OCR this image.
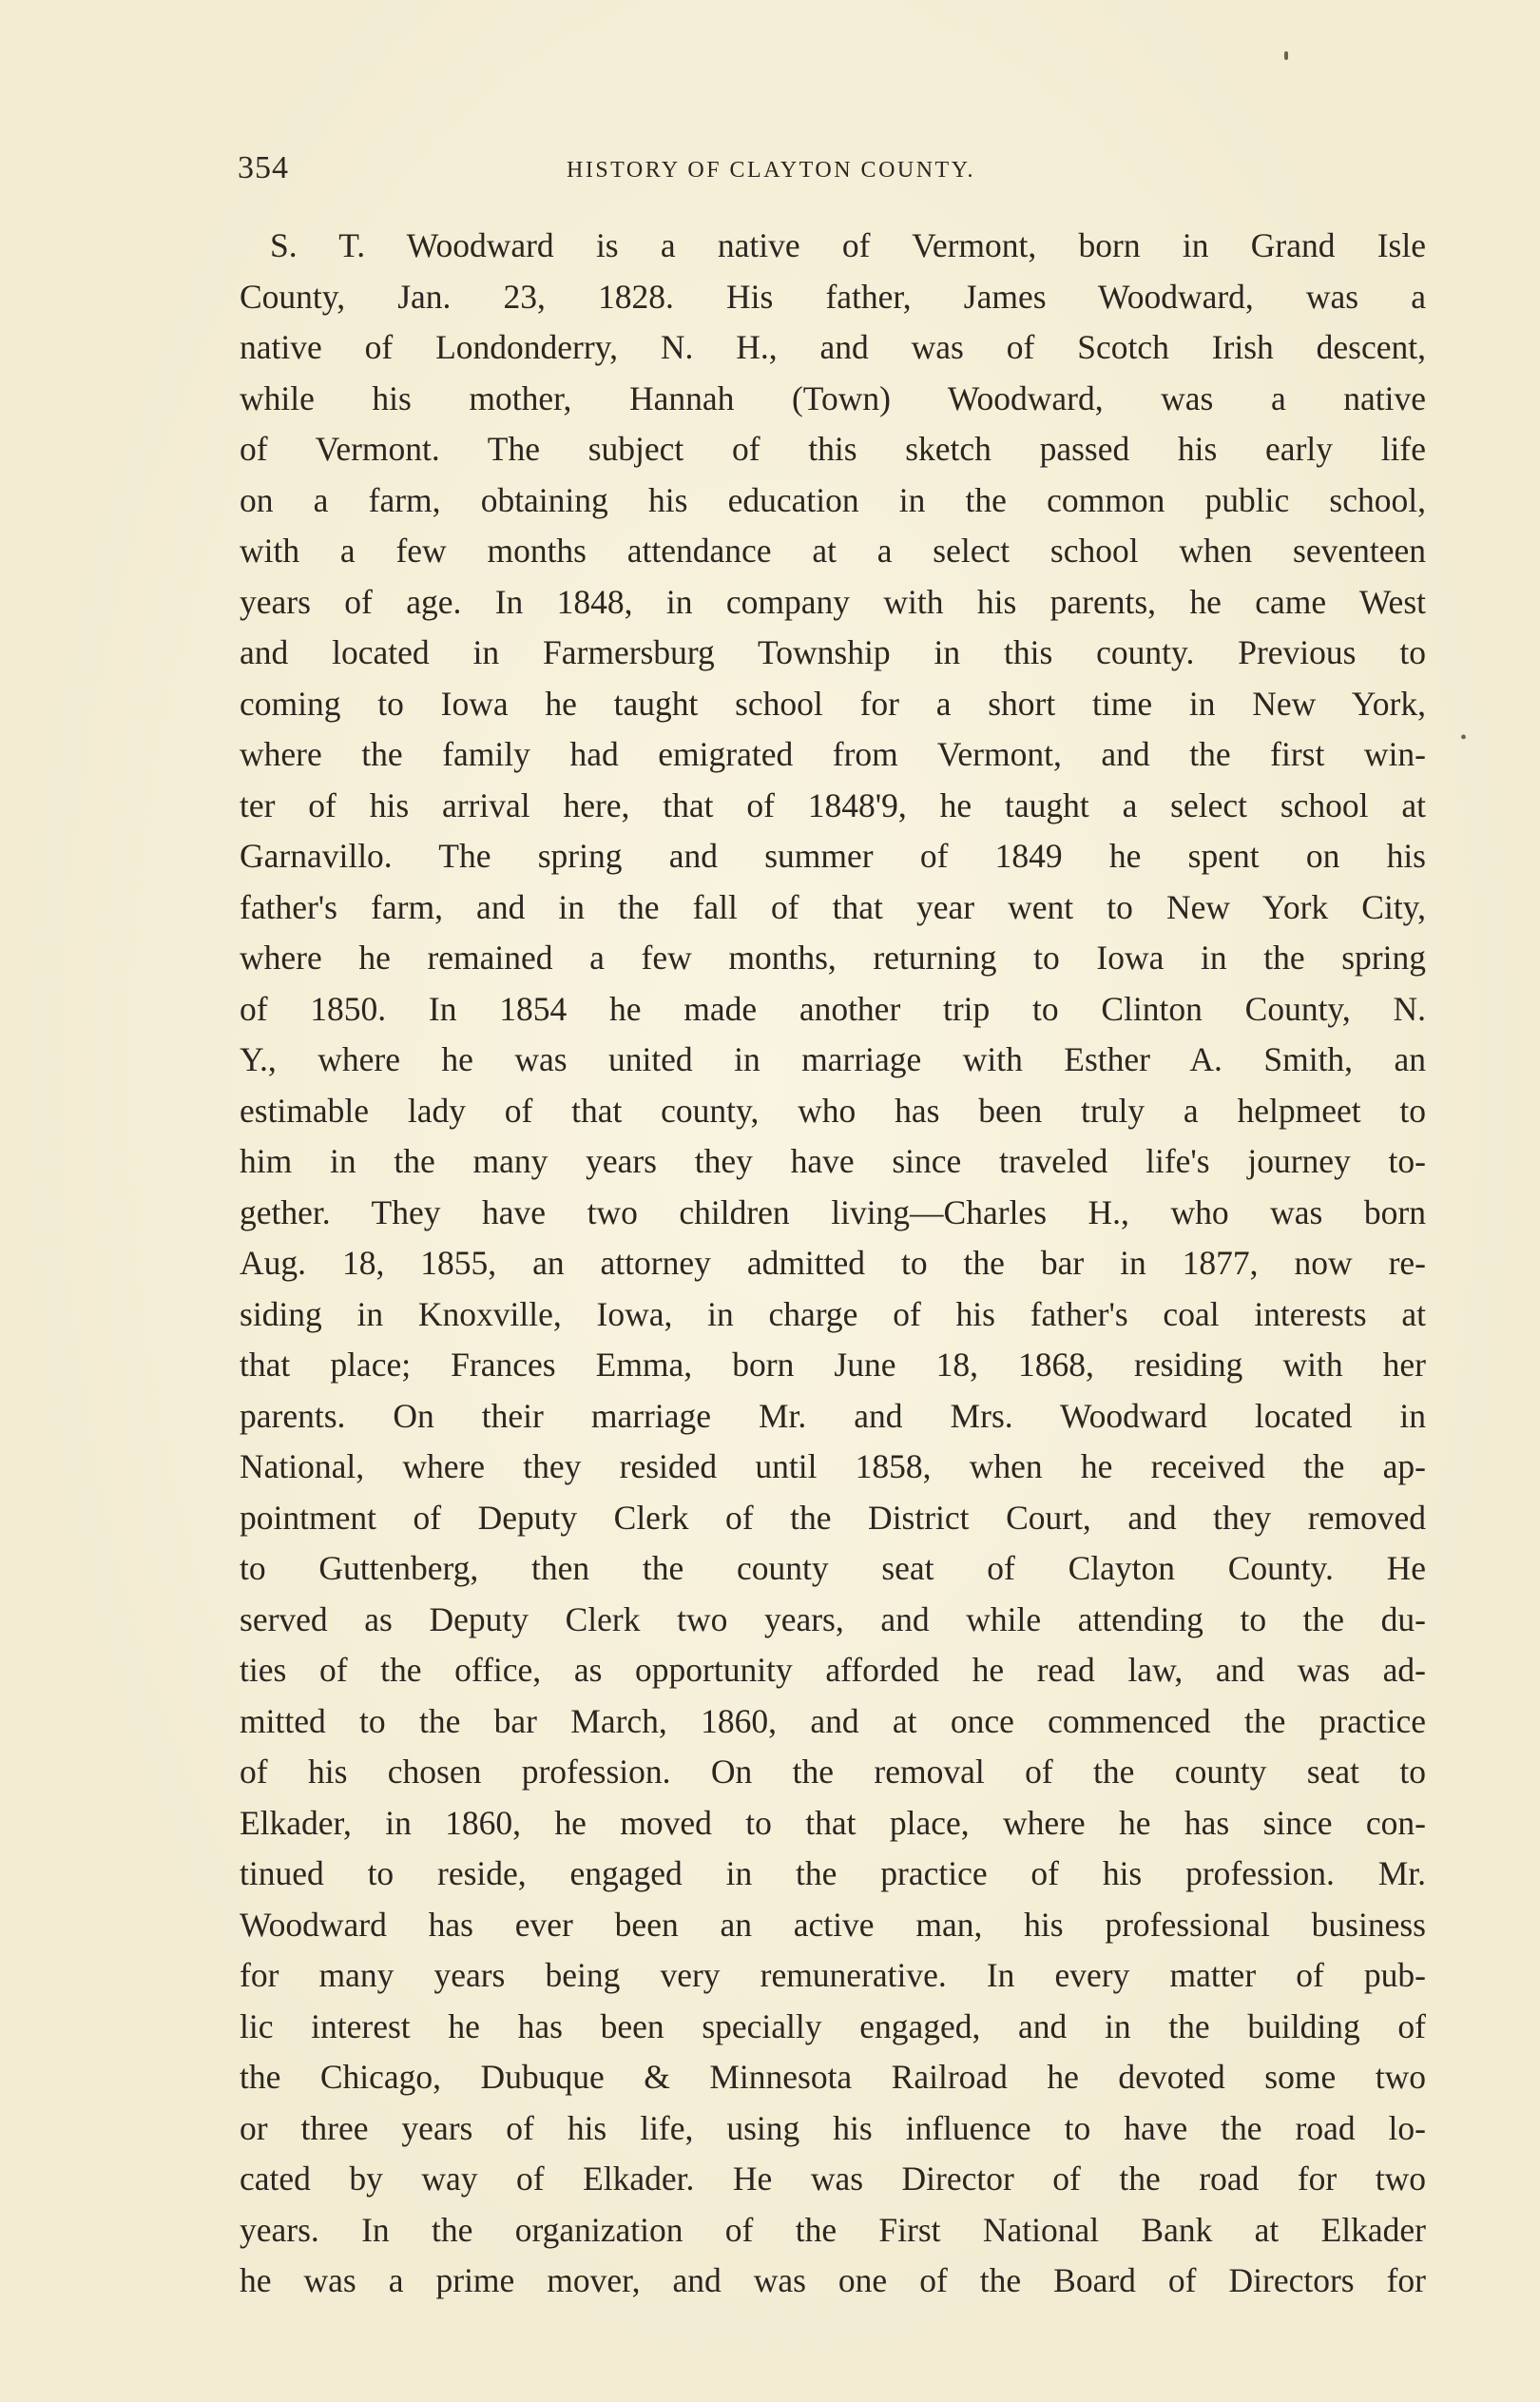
354	HISTORY OF CLAYTON COUNTY.
•
S. T. Woodward is a native of Vermont, born in Grand Isle
County, Jan. 23, 1828. His father, James Woodward, was a
native of Londonderry, N. H., and was of Scotch Irish descent,
while his mother, Hannah (Town) Woodward, was a native
of Vermont. The subject of this sketch passed his early life
on a farm, obtaining his education in the common public school,
with a few months attendance at a select school when seventeen
years of age. In 1848, in company with his parents, he came West
and located in Farmersburg Township in this county. Previous to
coming to Iowa he taught school for a short time in New York,
where the family had emigrated from Vermont, and the first win-
ter of his arrival here, that of 1848'9, he taught a select school at
Garnavillo. The spring and summer of 1849 he spent on his
father's farm, and in the fall of that year went to New York City,
where he remained a few months, returning to Iowa in the spring
of 1850. In 1854 he made another trip to Clinton County, N.
Y., where he was united in marriage with Esther A. Smith, an
estimable lady of that county, who has been truly a helpmeet to
him in the many years they have since traveled life's journey to-
gether. They have two children living—Charles H., who was born
Aug. 18, 1855, an attorney admitted to the bar in 1877, now re-
siding in Knoxville, Iowa, in charge of his father's coal interests at
that place; Frances Emma, born June 18, 1868, residing with her
parents. On their marriage Mr. and Mrs. Woodward located in
National, where they resided until 1858, when he received the ap-
pointment of Deputy Clerk of the District Court, and they removed
to Guttenberg, then the county seat of Clayton County. He
served as Deputy Clerk two years, and while attending to the du-
ties of the office, as opportunity afforded he read law, and was ad-
mitted to the bar March, 1860, and at once commenced the practice
of his chosen profession. On the removal of the county seat to
Elkader, in 1860, he moved to that place, where he has since con-
tinued to reside, engaged in the practice of his profession. Mr.
Woodward has ever been an active man, his professional business
for many years being very remunerative. In every matter of pub-
lic interest he has been specially engaged, and in the building of
the Chicago, Dubuque & Minnesota Railroad he devoted some two
or three years of his life, using his influence to have the road lo-
cated by way of Elkader. He was Director of the road for two
years. In the organization of the First National Bank at Elkader
he was a prime mover, and was one of the Board of Directors for
